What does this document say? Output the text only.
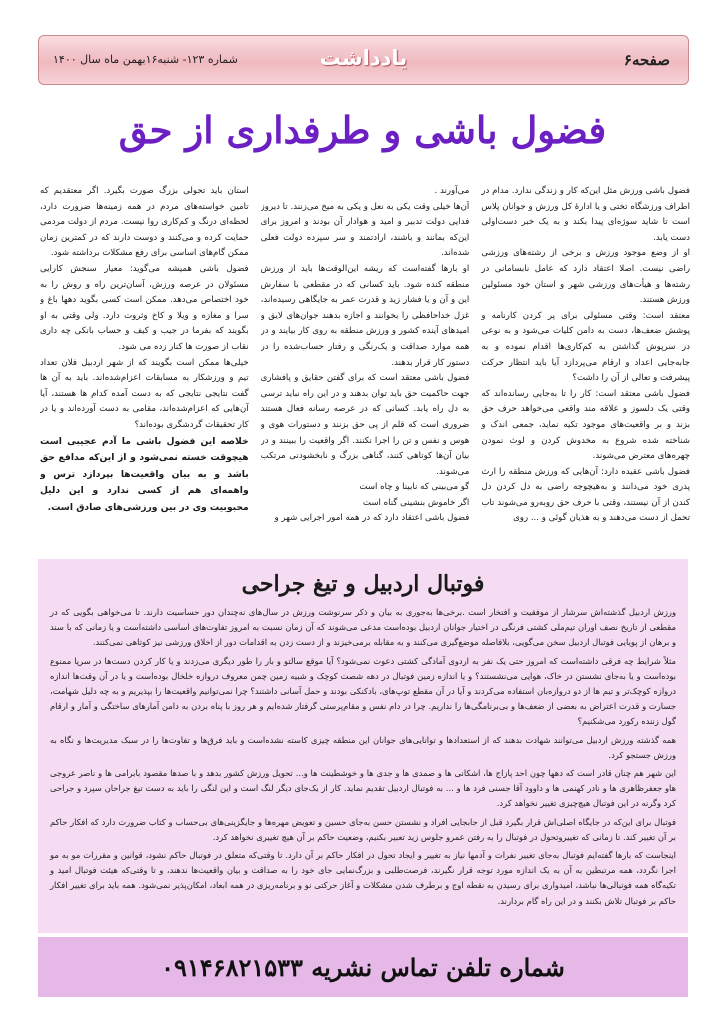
صفحه۶
یادداشت
شماره ۱۲۳- شنبه۱۶بهمن ماه سال ۱۴۰۰
فضول باشی و طرفداری از حق

فضول باشی ورزش مثل این‌که کار و زندگی ندارد. مدام در اطراف ورزشگاه تختی و یا ادارهٔ کل ورزش و جوانان پلاس است تا شاید سوژه‌ای پیدا بکند و به یک خبر دست‌اولی دست یابد.

او از وضع موجود ورزش و برخی از رشته‌های ورزشی راضی نیست. اصلا اعتقاد دارد که عامل نابسامانی در رشته‌ها و هیأت‌های ورزشی شهر و استان خود مسئولین ورزش هستند.

معتقد است: وقتی مسئولی برای پر کردن کارنامه و پوشش ضعف‌ها، دست به دامن کلیات می‌شود و به نوعی در سرپوش گذاشتن به کم‌کاری‌ها اقدام نموده و به جابه‌جایی اعداد و ارقام می‌پردازد آیا باید انتظار حرکت پیشرفت و تعالی از آن را داشت؟

فضول باشی معتقد است: کار را تا به‌جایی رسانده‌اند که وقتی یک دلسوز و علاقه مند واقعی می‌خواهد حرف حق بزند و بر واقعیت‌های موجود تکیه نماید، جمعی اندک و شناخته شده شروع به مخدوش کردن و لوث نمودن چهره‌های معترض می‌شوند.

فضول باشی عقیده دارد: آن‌هایی که ورزش منطقه را ارث پدری خود می‌دانند و به‌هیچوجه راضی به دل کردن دل کندن از آن نیستند، وقتی با حرف حق روبه‌رو می‌شوند تاب تحمل از دست می‌دهند و به هذیان گوئی و ... روی

می‌آورند .

آن‌ها خیلی وقت یکی به نعل و یکی به میخ می‌زنند. تا دیروز فدایی دولت تدبیر و امید و هوادار آن بودند و امروز برای این‌که بمانند و باشند، ارادتمند و سر سپرده دولت فعلی شده‌اند.

او بارها گفته‌است که ریشه این‌الوقت‌ها باید از ورزش منطقه کنده شود. باید کسانی که در مقطعی با سفارش این و آن و یا فشار زید و قدرت عمر به جایگاهی رسیده‌اند، غزل خداحافظی را بخوانند و اجازه بدهند جوان‌های لایق و امیدهای آینده کشور و ورزش منطقه به روی کار بیایند و در همه موارد صداقت و یک‌رنگی و رفتار حساب‌شده را در دستور کار قرار بدهند.

فضول باشی معتقد است که برای گفتن حقایق و پافشاری جهت حاکمیت حق باید توان بدهند و در این راه نباید ترسی به دل راه یابد. کسانی که در عرصه رسانه فعال هستند ضروری است که قلم از پی حق بزنند و دستورات هوی و هوس و نفس و تن را اجرا نکنند. اگر واقعیت را ببینند و در بیان آن‌ها کوتاهی کنند، گناهی بزرگ و نابخشودنی مرتکب می‌شوند.

گو می‌بینی که نابینا و چاه است

اگر خاموش بنشینی گناه است

فضول باشی اعتقاد دارد که در همه امور اجرایی شهر و

استان باید تحولی بزرگ صورت بگیرد. اگر معتقدیم که تامین خواسته‌های مردم در همه زمینه‌ها ضرورت دارد، لحظه‌ای درنگ و کم‌کاری روا نیست. مردم از دولت مردمی حمایت کرده و می‌کنند و دوست دارند که در کمترین زمان ممکن گام‌های اساسی برای رفع مشکلات برداشته شود.

فضول باشی همیشه می‌گوید: معیار سنجش کارایی مسئولان در عرصه ورزش، آسان‌ترین راه و روش را به خود اختصاص می‌دهد. ممکن است کسی بگوید دهها باغ و سرا و مغازه و ویلا و کاخ وثروت دارد. ولی وقتی به او بگویند که بفرما در جیب و کیف و حساب بانکی چه داری نقاب از صورت ها کنار زده می شود.

خیلی‌ها ممکن است بگویند که از شهر اردبیل فلان تعداد تیم و ورزشکار به مسابقات اعزام‌شده‌اند. باید به آن ها گفت نتایجی نتایجی که به دست آمده کدام ها هستند، آیا آن‌هایی که اعزام‌شده‌اند، مقامی به دست آورده‌اند و یا در کار تحقیقات گردشگری بوده‌اند؟

خلاصه این فضول باشی ما آدم عجیبی است هیچوقت خسته نمی‌شود و از این‌که مدافع حق باشد و به بیان واقعیت‌ها بپردازد ترس و واهمه‌ای هم از کسی ندارد و این دلیل محبوبیت وی در بین ورزشی‌های صادق است.

فوتبال اردبیل و تیغ جراحی

ورزش اردبیل گذشته‌اش سرشار از موفقیت و افتخار است .برخی‌ها به‌جوری به بیان و ذکر سرنوشت ورزش در سال‌های نه‌چندان دور حساسیت دارند. تا می‌خواهی بگویی که در مقطعی از تاریخ نصف اوران تیم‌ملی کشتی فرنگی در اختیار جوانان اردبیل بوده‌است مدعی می‌شوند که آن زمان نسبت به امروز تفاوت‌های اساسی داشته‌است و یا زمانی که با سند و برهان از پویایی فوتبال اردبیل سخن می‌گویی، بلافاصله موضع‌گیری می‌کنند و به مقابله برمی‌خیزند و از دست زدن به اقدامات دور از اخلاق ورزشی نیز کوتاهی نمی‌کنند.

مثلاً شرایط چه فرقی داشته‌است که امروز حتی یک نفر به اردوی آمادگی کشتی دعوت نمی‌شود؟ آیا موقع سالتو و بار را طور دیگری می‌زدند و یا کار کردن دست‌ها در سرپا ممنوع بوده‌است و یا به‌جای نشستن در خاک، هوایی می‌نشستند؟ و یا اندازه زمین فوتبال در دهه شصت کوچک و شبیه زمین چمن معروف دروازه خلخال بوده‌است و یا در آن وقت‌ها اندازه دروازه کوچک‌تر و تیم ها از دو دروازه‌بان استفاده می‌کردند و آیا در آن مقطع توپ‌های، بادکنکی بودند و حمل آسانی داشتند؟ چرا نمی‌توانیم واقعیت‌ها را بپذیریم و به چه دلیل شهامت، جسارت و قدرت اعتراض به بعضی از ضعف‌ها و بی‌برنامگی‌ها را نداریم. چرا در دام نفس و مقام‌پرستی گرفتار شده‌ایم و هر روز با پناه بردن به دامن آمارهای ساختگی و آمار و ارقام گول زننده رکورد می‌شکنیم؟

همه گذشته ورزش اردبیل می‌توانند شهادت بدهند که از استعدادها و توانایی‌های جوانان این منطقه چیزی کاسته نشده‌است و باید فرق‌ها و تفاوت‌ها را در سبک مدیریت‌ها و نگاه به ورزش جستجو کرد.

این شهر هم چنان قادر است که دهها چون احد پازاج ها، اشکانی ها و صمدی ها و جدی ها و خوشطینت ها و... تحویل ورزش کشور بدهد و با صدها مقصود بابرامی ها و ناصر عروجی هاو جعفرظاهری ها و نادر کهنمی ها و داوود آقا جسنی فرد ها و ... به فوتبال اردبیل تقدیم نماید. کار از یک‌جای دیگر لنگ است و این لنگی را باید به دست تیغ جراحان سپرد و جراحی کرد وگرنه در این فوتبال هیچ‌چیزی تغییر نخواهد کرد.

فوتبال برای این‌که در جایگاه اصلی‌اش قرار بگیرد قبل از جابجایی افراد و نشستن حسن به‌جای حسین و تعویض مهره‌ها و جایگزینی‌های بی‌حساب و کتاب ضرورت دارد که افکار حاکم بر آن تغییر کند. تا زمانی که تغییروتحول در فوتبال را به رفتن عمرو جلوس زید تعبیر بکنیم، وضعیت حاکم بر آن هیچ تغییری نخواهد کرد.

اینجاست که بارها گفته‌ایم فوتبال به‌جای تغییر نفرات و آدمها نیاز به تغییر و ایجاد تحول در افکار حاکم بر آن دارد. تا وقتی‌که متعلق در فوتبال حاکم نشود، قوانین و مقررات مو به مو اجرا نگردد، همه مرتبطین به آن به یک اندازه مورد توجه قرار نگیرند، فرصت‌طلبی و بزرگ‌نمایی جای خود را به صداقت و بیان واقعیت‌ها ندهند، و تا وقتی‌که هیئت فوتبال امید و تکیه‌گاه همه فوتبالی‌ها نباشد، امیدواری برای رسیدن به نقطه اوج و برطرف شدن مشکلات و آغاز حرکتی نو و برنامه‌ریزی در همه ابعاد، امکان‌پذیر نمی‌شود. همه باید برای تغییر افکار حاکم بر فوتبال تلاش بکنند و در این راه گام بردارند.

شماره تلفن تماس نشریه ۰۹۱۴۶۸۲۱۵۳۳
